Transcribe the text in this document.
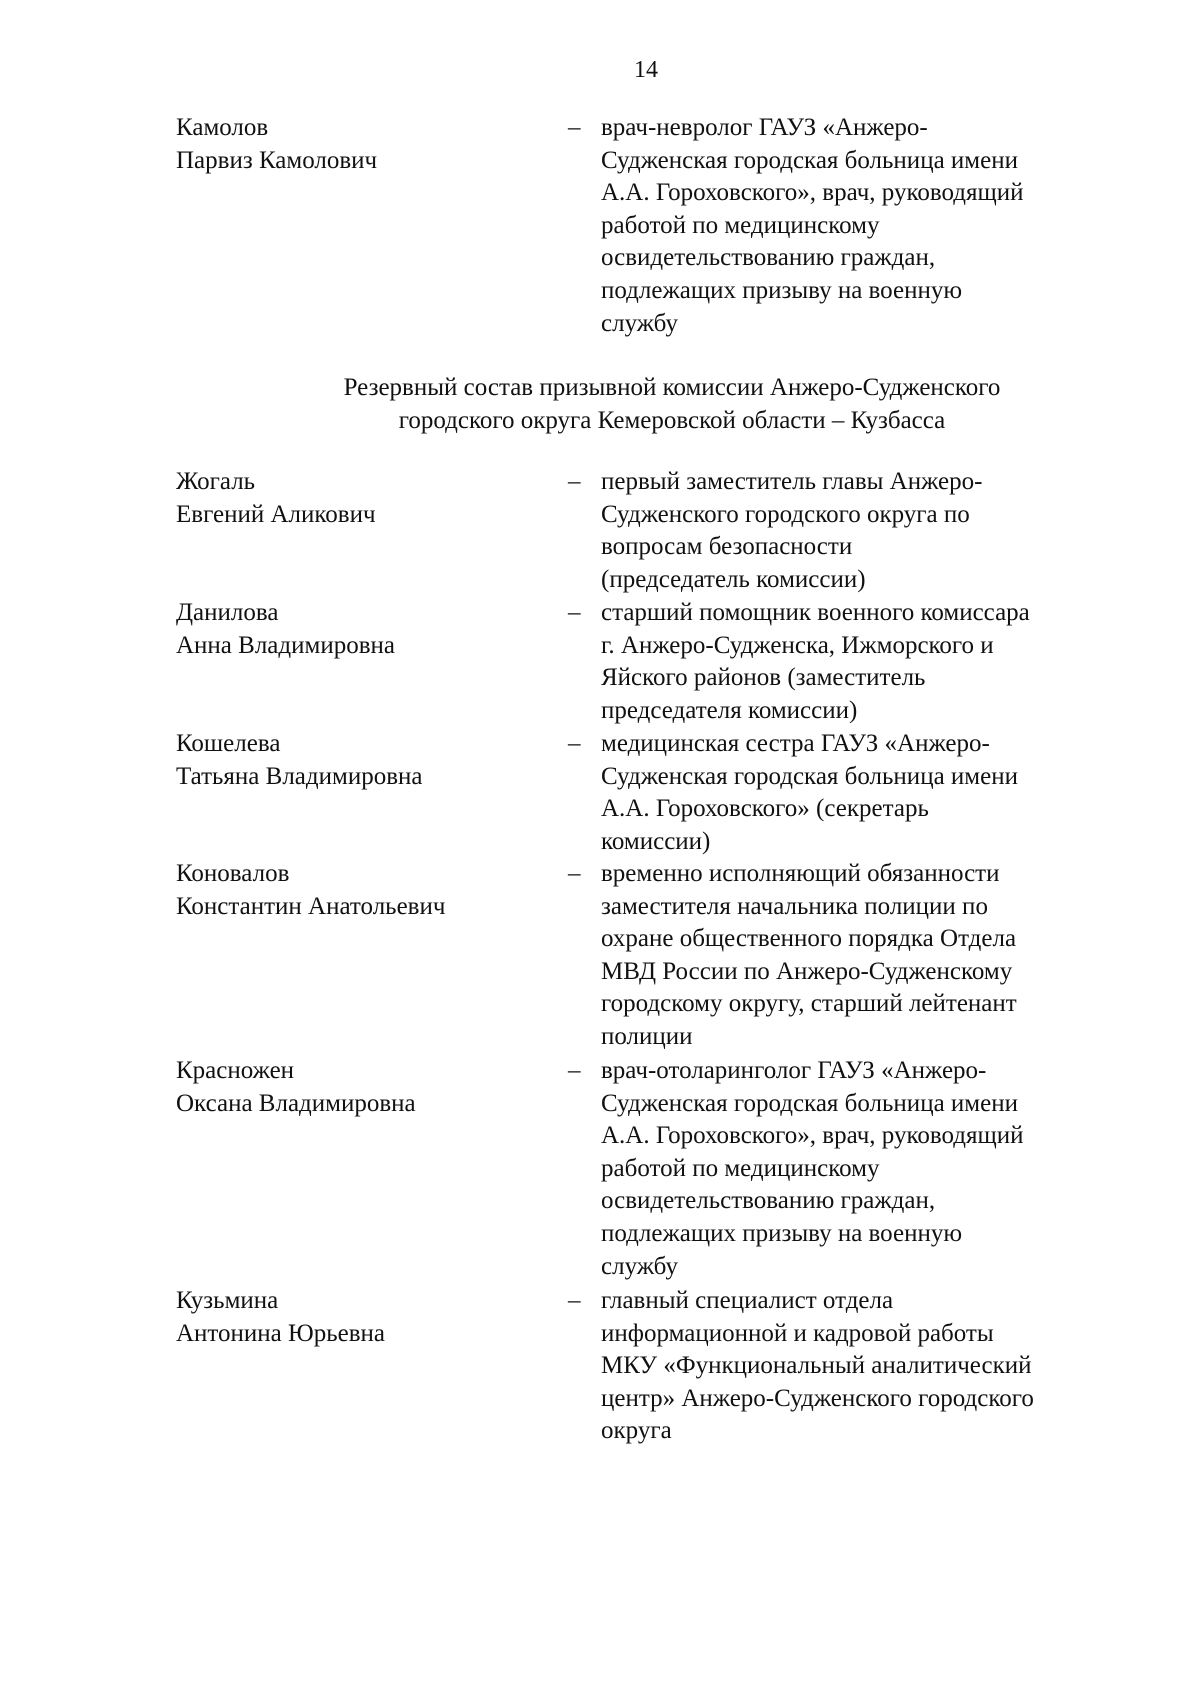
14
Камолов
Парвиз Камолович
– врач-невролог ГАУЗ «Анжеро-
Судженская городская больница имени
А.А. Гороховского», врач, руководящий
работой по медицинскому
освидетельствованию граждан,
подлежащих призыву на военную
службу
Резервный состав призывной комиссии Анжеро-Судженского
городского округа Кемеровской области – Кузбасса
Жогаль
Евгений Аликович
– первый заместитель главы Анжеро-
Судженского городского округа по
вопросам безопасности
(председатель комиссии)
Данилова
Анна Владимировна
– старший помощник военного комиссара
г. Анжеро-Судженска, Ижморского и
Яйского районов (заместитель
председателя комиссии)
Кошелева
Татьяна Владимировна
– медицинская сестра ГАУЗ «Анжеро-
Судженская городская больница имени
А.А. Гороховского» (секретарь
комиссии)
Коновалов
Константин Анатольевич
– временно исполняющий обязанности
заместителя начальника полиции по
охране общественного порядка Отдела
МВД России по Анжеро-Судженскому
городскому округу, старший лейтенант
полиции
Красножен
Оксана Владимировна
– врач-отоларинголог ГАУЗ «Анжеро-
Судженская городская больница имени
А.А. Гороховского», врач, руководящий
работой по медицинскому
освидетельствованию граждан,
подлежащих призыву на военную
службу
Кузьмина
Антонина Юрьевна
– главный специалист отдела
информационной и кадровой работы
МКУ «Функциональный аналитический
центр» Анжеро-Судженского городского
округа
